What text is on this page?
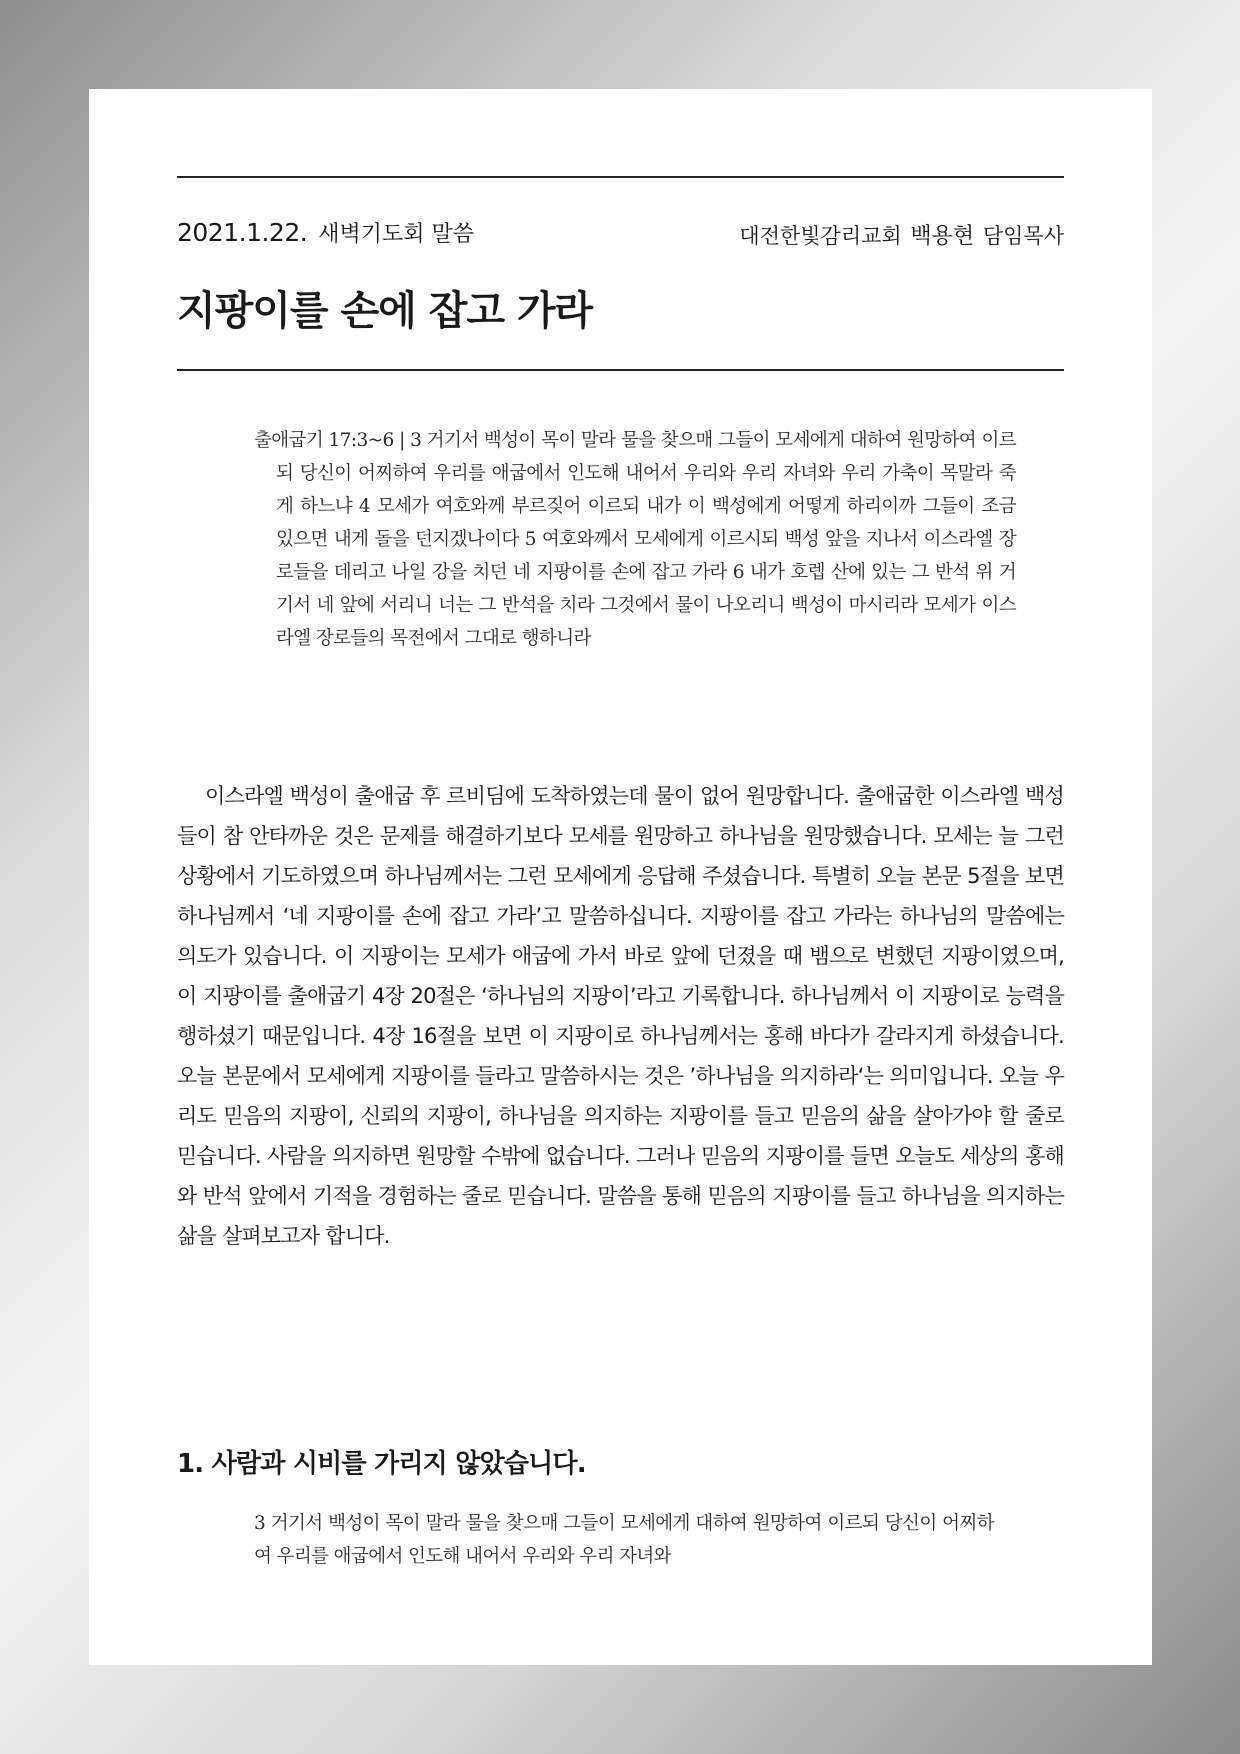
2021.1.22. 새벽기도회 말씀	대전한빛감리교회 백용현 담임목사
지팡이를 손에 잡고 가라

출애굽기 17:3~6 | 3 거기서 백성이 목이 말라 물을 찾으매 그들이 모세에게 대하여 원망하여 이르되 당신이 어찌하여 우리를 애굽에서 인도해 내어서 우리와 우리 자녀와 우리 가축이 목말라 죽게 하느냐 4 모세가 여호와께 부르짖어 이르되 내가 이 백성에게 어떻게 하리이까 그들이 조금 있으면 내게 돌을 던지겠나이다 5 여호와께서 모세에게 이르시되 백성 앞을 지나서 이스라엘 장로들을 데리고 나일 강을 치던 네 지팡이를 손에 잡고 가라 6 내가 호렙 산에 있는 그 반석 위 거기서 네 앞에 서리니 너는 그 반석을 치라 그것에서 물이 나오리니 백성이 마시리라 모세가 이스라엘 장로들의 목전에서 그대로 행하니라

이스라엘 백성이 출애굽 후 르비딤에 도착하였는데 물이 없어 원망합니다. 출애굽한 이스라엘 백성들이 참 안타까운 것은 문제를 해결하기보다 모세를 원망하고 하나님을 원망했습니다. 모세는 늘 그런 상황에서 기도하였으며 하나님께서는 그런 모세에게 응답해 주셨습니다. 특별히 오늘 본문 5절을 보면 하나님께서 ‘네 지팡이를 손에 잡고 가라’고 말씀하십니다. 지팡이를 잡고 가라는 하나님의 말씀에는 의도가 있습니다. 이 지팡이는 모세가 애굽에 가서 바로 앞에 던졌을 때 뱀으로 변했던 지팡이였으며, 이 지팡이를 출애굽기 4장 20절은 ‘하나님의 지팡이’라고 기록합니다. 하나님께서 이 지팡이로 능력을 행하셨기 때문입니다. 4장 16절을 보면 이 지팡이로 하나님께서는 홍해 바다가 갈라지게 하셨습니다. 오늘 본문에서 모세에게 지팡이를 들라고 말씀하시는 것은 ’하나님을 의지하라‘는 의미입니다. 오늘 우리도 믿음의 지팡이, 신뢰의 지팡이, 하나님을 의지하는 지팡이를 들고 믿음의 삶을 살아가야 할 줄로 믿습니다. 사람을 의지하면 원망할 수밖에 없습니다. 그러나 믿음의 지팡이를 들면 오늘도 세상의 홍해와 반석 앞에서 기적을 경험하는 줄로 믿습니다. 말씀을 통해 믿음의 지팡이를 들고 하나님을 의지하는 삶을 살펴보고자 합니다.

1. 사람과 시비를 가리지 않았습니다.

3 거기서 백성이 목이 말라 물을 찾으매 그들이 모세에게 대하여 원망하여 이르되 당신이 어찌하여 우리를 애굽에서 인도해 내어서 우리와 우리 자녀와
